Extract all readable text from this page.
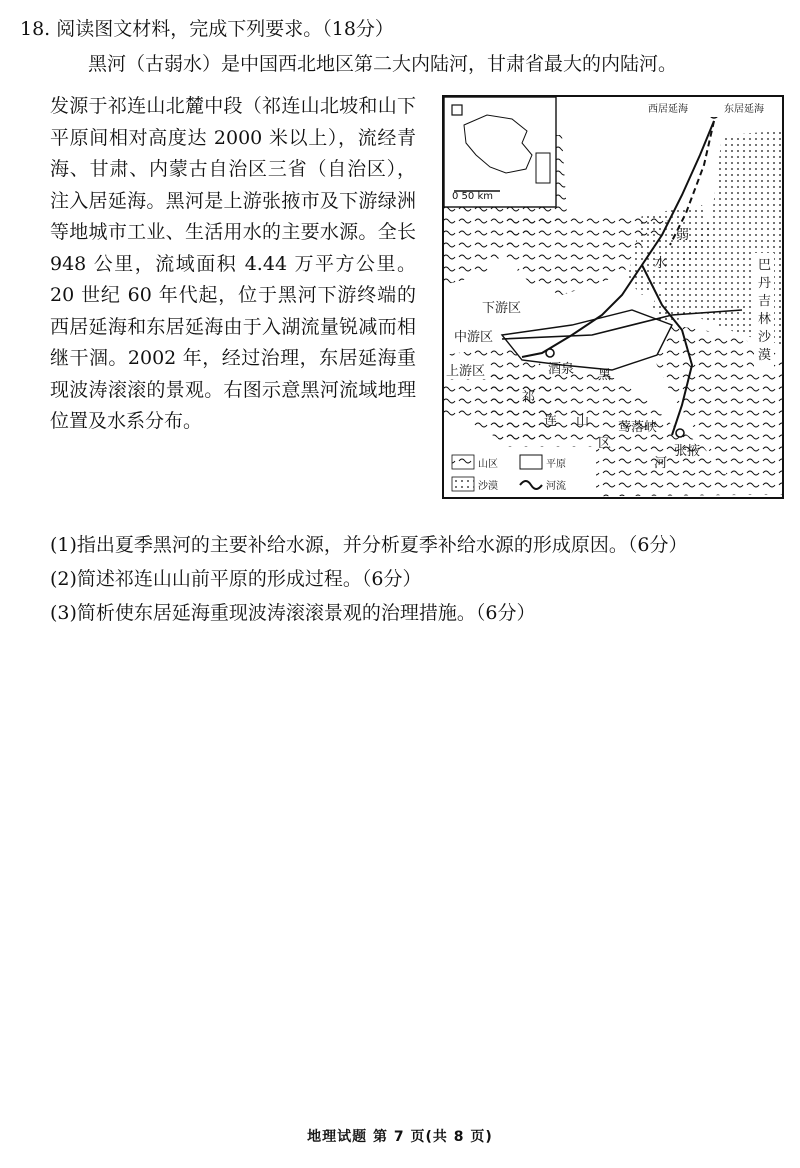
18. 阅读图文材料，完成下列要求。（18分）
黑河（古弱水）是中国西北地区第二大内陆河，甘肃省最大的内陆河。
发源于祁连山北麓中段（祁连山北坡和山下平原间相对高度达 2000 米以上），流经青海、甘肃、内蒙古自治区三省（自治区），注入居延海。黑河是上游张掖市及下游绿洲等地城市工业、生活用水的主要水源。全长 948 公里，流域面积 4.44 万平方公里。20 世纪 60 年代起，位于黑河下游终端的西居延海和东居延海由于入湖流量锐减而相继干涸。2002 年，经过治理，东居延海重现波涛滚滚的景观。右图示意黑河流域地理位置及水系分布。
0 50 km
西居延海	东居延海
弱
水	巴
丹
吉
林
沙
漠
下游区
中游区
上游区	酒泉 黑
祁
连 山
区
莺落峡
张掖
河
山区	平原
沙漠	河流
(1)指出夏季黑河的主要补给水源，并分析夏季补给水源的形成原因。（6分）
(2)简述祁连山山前平原的形成过程。（6分）
(3)简析使东居延海重现波涛滚滚景观的治理措施。（6分）
地理试题 第 7 页(共 8 页)
